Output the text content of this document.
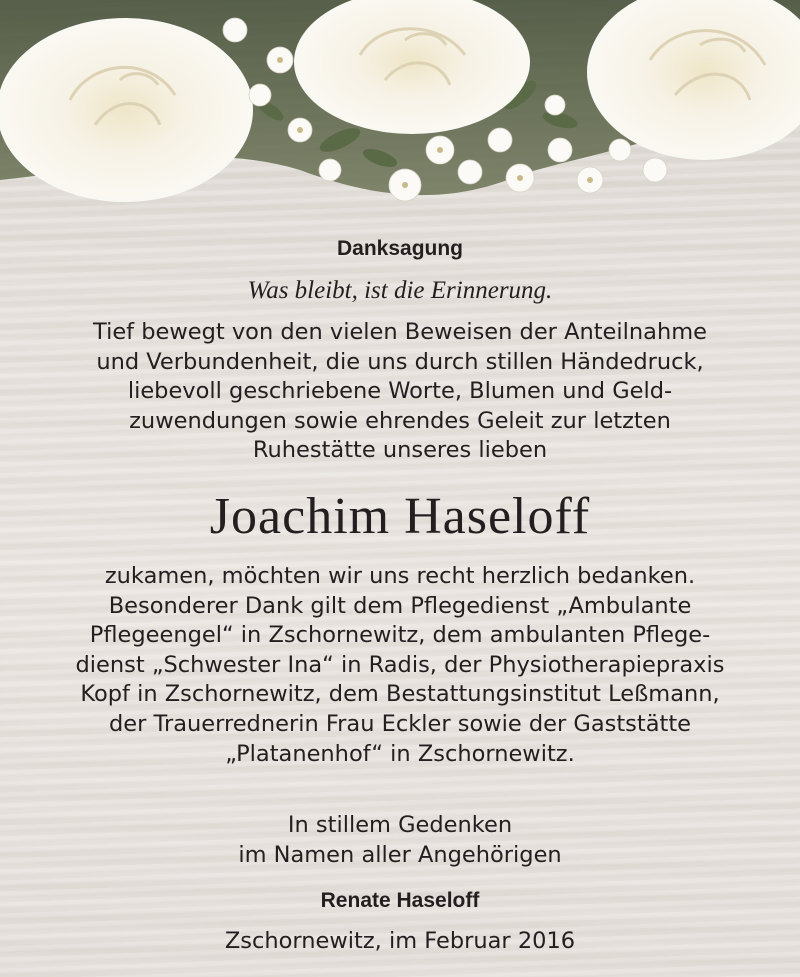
Danksagung
Was bleibt, ist die Erinnerung.
Tief bewegt von den vielen Beweisen der Anteilnahme
und Verbundenheit, die uns durch stillen Händedruck,
liebevoll geschriebene Worte, Blumen und Geld-
zuwendungen sowie ehrendes Geleit zur letzten
Ruhestätte unseres lieben
Joachim Haseloff
zukamen, möchten wir uns recht herzlich bedanken.
Besonderer Dank gilt dem Pflegedienst „Ambulante
Pflegeengel“ in Zschornewitz, dem ambulanten Pflege-
dienst „Schwester Ina“ in Radis, der Physiotherapiepraxis
Kopf in Zschornewitz, dem Bestattungsinstitut Leßmann,
der Trauerrednerin Frau Eckler sowie der Gaststätte
„Platanenhof“ in Zschornewitz.
In stillem Gedenken
im Namen aller Angehörigen
Renate Haseloff
Zschornewitz, im Februar 2016
